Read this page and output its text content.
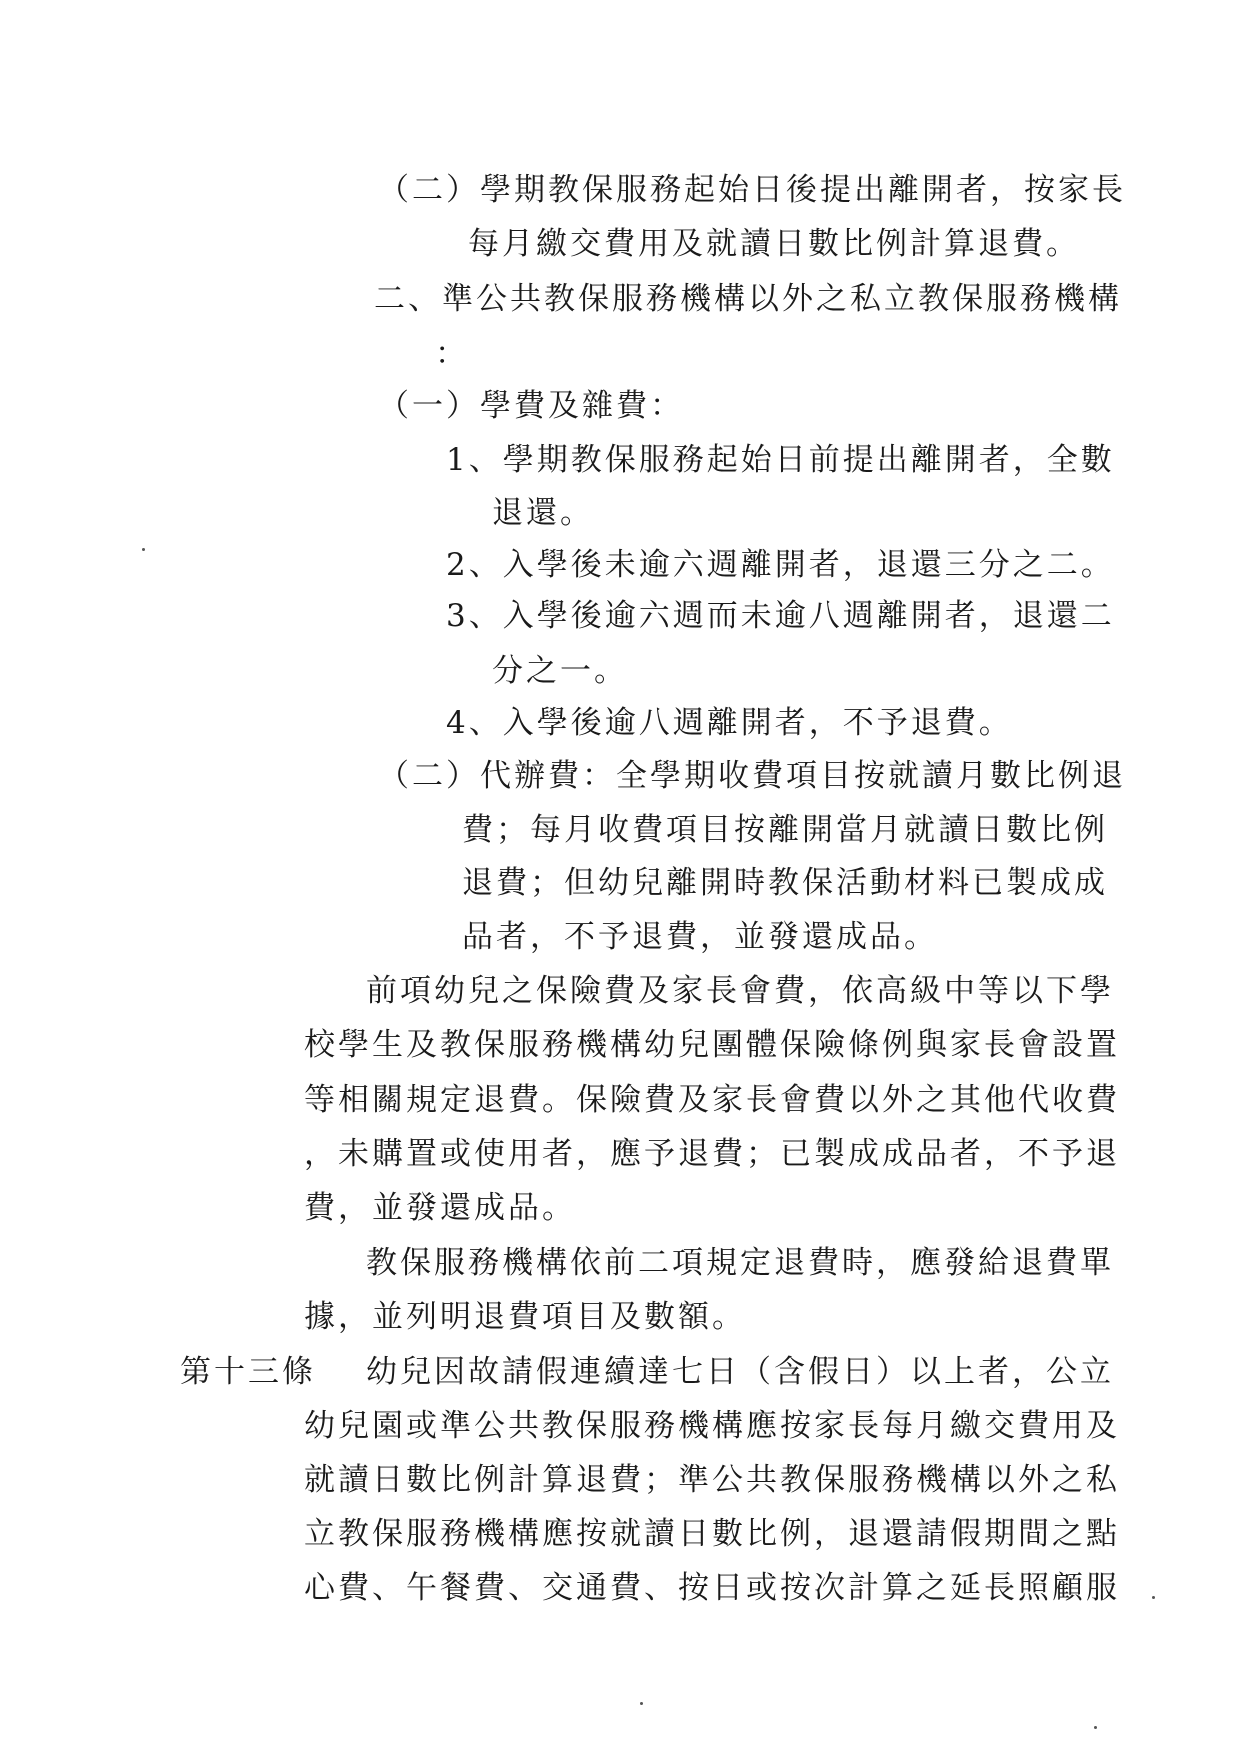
（二）學期教保服務起始日後提出離開者，按家長
每月繳交費用及就讀日數比例計算退費。
二、準公共教保服務機構以外之私立教保服務機構
：
（一）學費及雜費：
1、學期教保服務起始日前提出離開者，全數
退還。
2、入學後未逾六週離開者，退還三分之二。
3、入學後逾六週而未逾八週離開者，退還二
分之一。
4、入學後逾八週離開者，不予退費。
（二）代辦費：全學期收費項目按就讀月數比例退
費；每月收費項目按離開當月就讀日數比例
退費；但幼兒離開時教保活動材料已製成成
品者，不予退費，並發還成品。
前項幼兒之保險費及家長會費，依高級中等以下學
校學生及教保服務機構幼兒團體保險條例與家長會設置
等相關規定退費。保險費及家長會費以外之其他代收費
，未購置或使用者，應予退費；已製成成品者，不予退
費，並發還成品。
教保服務機構依前二項規定退費時，應發給退費單
據，並列明退費項目及數額。
第十三條 幼兒因故請假連續達七日（含假日）以上者，公立
幼兒園或準公共教保服務機構應按家長每月繳交費用及
就讀日數比例計算退費；準公共教保服務機構以外之私
立教保服務機構應按就讀日數比例，退還請假期間之點
心費、午餐費、交通費、按日或按次計算之延長照顧服
